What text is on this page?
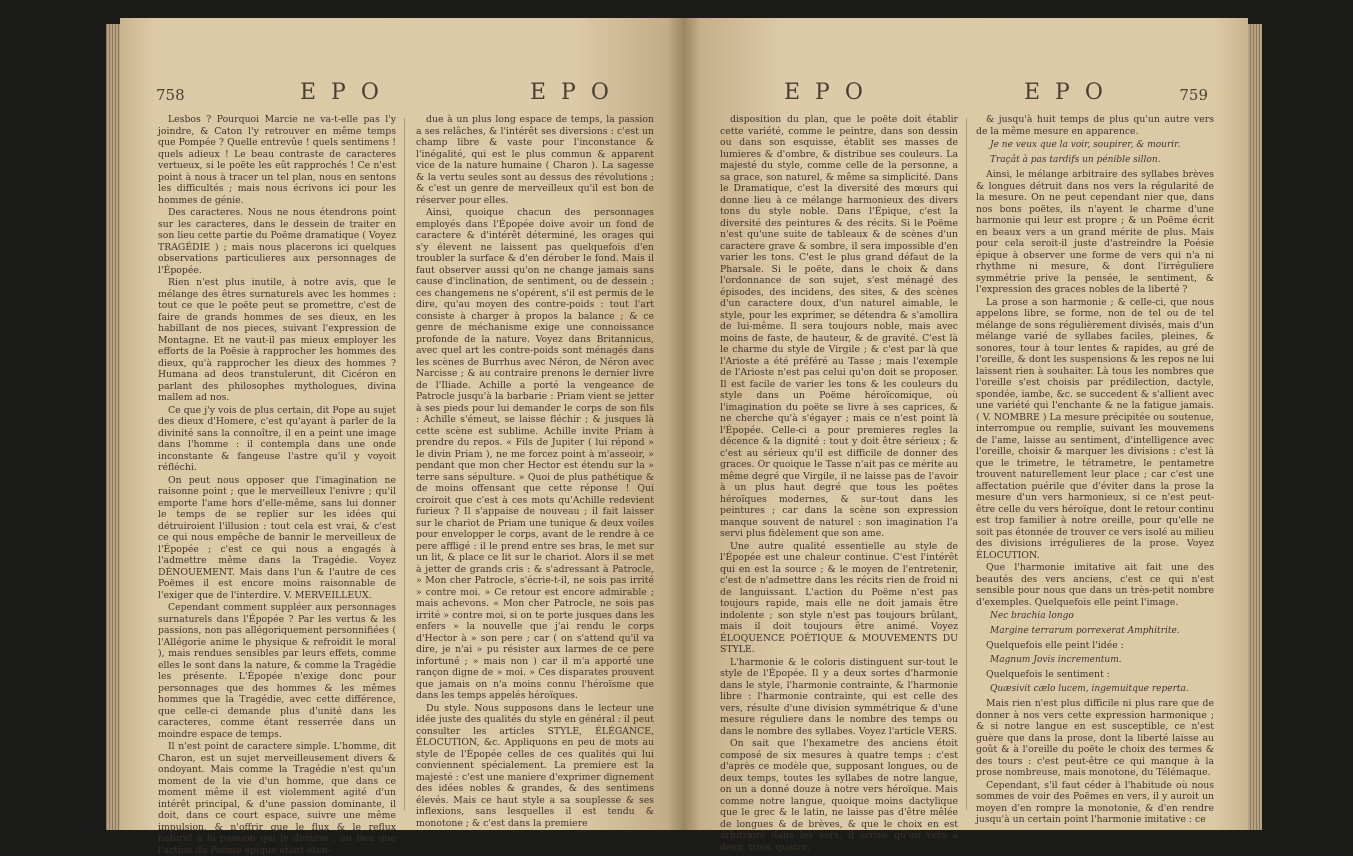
758	E P O	E P O

Lesbos ? Pourquoi Marcie ne va-t-elle pas l'y joindre, & Caton l'y retrouver en même temps que Pompée ? Quelle entrevûe ! quels sentimens ! quels adieux ! Le beau contraste de caracteres vertueux, si le poëte les eût rapprochés ! Ce n'est point à nous à tracer un tel plan, nous en sentons les difficultés ; mais nous écrivons ici pour les hommes de génie.

Des caracteres. Nous ne nous étendrons point sur les caracteres, dans le dessein de traiter en son lieu cette partie du Poëme dramatique ( Voyez TRAGÉDIE ) ; mais nous placerons ici quelques observations particulieres aux personnages de l'Épopée.

Rien n'est plus inutile, à notre avis, que le mélange des êtres surnaturels avec les hommes : tout ce que le poëte peut se promettre, c'est de faire de grands hommes de ses dieux, en les habillant de nos pieces, suivant l'expression de Montagne. Et ne vaut-il pas mieux employer les efforts de la Poësie à rapprocher les hommes des dieux, qu'à rapprocher les dieux des hommes ? Humana ad deos transtulerunt, dit Cicéron en parlant des philosophes mythologues, divina mallem ad nos.

Ce que j'y vois de plus certain, dit Pope au sujet des dieux d'Homere, c'est qu'ayant à parler de la divinité sans la connoître, il en a peint une image dans l'homme : il contempla dans une onde inconstante & fangeuse l'astre qu'il y voyoit réfléchi.

On peut nous opposer que l'imagination ne raisonne point ; que le merveilleux l'enivre ; qu'il emporte l'ame hors d'elle-même, sans lui donner le temps de se replier sur les idées qui détruiroient l'illusion : tout cela est vrai, & c'est ce qui nous empêche de bannir le merveilleux de l'Épopée ; c'est ce qui nous a engagés à l'admettre même dans la Tragédie. Voyez DÉNOUEMENT. Mais dans l'un & l'autre de ces Poëmes il est encore moins raisonnable de l'exiger que de l'interdire. V. MERVEILLEUX.

Cependant comment suppléer aux personnages surnaturels dans l'Épopée ? Par les vertus & les passions, non pas allégoriquement personnifiées ( l'Allégorie anime le physique & refroidit le moral ), mais rendues sensibles par leurs effets, comme elles le sont dans la nature, & comme la Tragédie les présente. L'Épopée n'exige donc pour personnages que des hommes & les mêmes hommes que la Tragédie, avec cette différence, que celle-ci demande plus d'unité dans les caracteres, comme étant resserrée dans un moindre espace de temps.

Il n'est point de caractere simple. L'homme, dit Charon, est un sujet merveilleusement divers & ondoyant. Mais comme la Tragédie n'est qu'un moment de la vie d'un homme, que dans ce moment même il est violemment agité d'un intérêt principal, & d'une passion dominante, il doit, dans ce court espace, suivre une même impulsion, & n'offrir que le flux & le reflux naturel à la passion qui le domine ; au lieu que l'action du Poëme épique étant éten-

due à un plus long espace de temps, la passion a ses relâches, & l'intérêt ses diversions : c'est un champ libre & vaste pour l'inconstance & l'inégalité, qui est le plus commun & apparent vice de la nature humaine ( Charon ). La sagesse & la vertu seules sont au dessus des révolutions ; & c'est un genre de merveilleux qu'il est bon de réserver pour elles.

Ainsi, quoique chacun des personnages employés dans l'Épopée doive avoir un fond de caractere & d'intérêt déterminé, les orages qui s'y élevent ne laissent pas quelquefois d'en troubler la surface & d'en dérober le fond. Mais il faut observer aussi qu'on ne change jamais sans cause d'inclination, de sentiment, ou de dessein ; ces changemens ne s'opérent, s'il est permis de le dire, qu'au moyen des contre-poids : tout l'art consiste à charger à propos la balance ; & ce genre de méchanisme exige une connoissance profonde de la nature. Voyez dans Britannicus, avec quel art les contre-poids sont ménagés dans les scènes de Burrhus avec Néron, de Néron avec Narcisse ; & au contraire prenons le dernier livre de l'Iliade. Achille a porté la vengeance de Patrocle jusqu'à la barbarie : Priam vient se jetter à ses pieds pour lui demander le corps de son fils : Achille s'émeut, se laisse fléchir ; & jusques là cette scène est sublime. Achille invite Priam à prendre du repos. « Fils de Jupiter ( lui répond » le divin Priam ), ne me forcez point à m'asseoir, » pendant que mon cher Hector est étendu sur la » terre sans sépulture. » Quoi de plus pathétique & de moins offensant que cette réponse ! Qui croiroit que c'est à ces mots qu'Achille redevient furieux ? Il s'appaise de nouveau ; il fait laisser sur le chariot de Priam une tunique & deux voiles pour envelopper le corps, avant de le rendre à ce pere affligé : il le prend entre ses bras, le met sur un lit, & place ce lit sur le chariot. Alors il se met à jetter de grands cris : & s'adressant à Patrocle, » Mon cher Patrocle, s'écrie-t-il, ne sois pas irrité » contre moi. » Ce retour est encore admirable ; mais achevons. « Mon cher Patrocle, ne sois pas irrité » contre moi, si on te porte jusques dans les enfers » la nouvelle que j'ai rendu le corps d'Hector à » son pere ; car ( on s'attend qu'il va dire, je n'ai » pu résister aux larmes de ce pere infortuné ; » mais non ) car il m'a apporté une rançon digne de » moi. » Ces disparates prouvent que jamais on n'a moins connu l'héroïsme que dans les temps appelés héroïques.

Du style. Nous supposons dans le lecteur une idée juste des qualités du style en général : il peut consulter les articles STYLE, ÉLÉGANCE, ÉLOCUTION, &c. Appliquons en peu de mots au style de l'Épopée celles de ces qualités qui lui conviennent spécialement. La premiere est la majesté : c'est une maniere d'exprimer dignement des idées nobles & grandes, & des sentimens élevés. Mais ce haut style a sa souplesse & ses inflexions, sans lesquelles il est tendu & monotone ; & c'est dans la premiere

E P O	E P O	759

disposition du plan, que le poëte doit établir cette variété, comme le peintre, dans son dessin ou dans son esquisse, établit ses masses de lumieres & d'ombre, & distribue ses couleurs. La majesté du style, comme celle de la personne, a sa grace, son naturel, & même sa simplicité. Dans le Dramatique, c'est la diversité des mœurs qui donne lieu à ce mélange harmonieux des divers tons du style noble. Dans l'Épique, c'est la diversité des peintures & des récits. Si le Poëme n'est qu'une suite de tableaux & de scènes d'un caractere grave & sombre, il sera impossible d'en varier les tons. C'est le plus grand défaut de la Pharsale. Si le poëte, dans le choix & dans l'ordonnance de son sujet, s'est ménagé des épisodes, des incidens, des sites, & des scènes d'un caractere doux, d'un naturel aimable, le style, pour les exprimer, se détendra & s'amollira de lui-même. Il sera toujours noble, mais avec moins de faste, de hauteur, & de gravité. C'est là le charme du style de Virgile ; & c'est par là que l'Arioste a été préféré au Tasse ; mais l'exemple de l'Arioste n'est pas celui qu'on doit se proposer. Il est facile de varier les tons & les couleurs du style dans un Poëme héroïcomique, où l'imagination du poëte se livre à ses caprices, & ne cherche qu'à s'égayer ; mais ce n'est point là l'Épopée. Celle-ci a pour premieres regles la décence & la dignité : tout y doit être sérieux ; & c'est au sérieux qu'il est difficile de donner des graces. Or quoique le Tasse n'ait pas ce mérite au même degré que Virgile, il ne laisse pas de l'avoir à un plus haut degré que tous les poëtes héroïques modernes, & sur-tout dans les peintures ; car dans la scène son expression manque souvent de naturel : son imagination l'a servi plus fidèlement que son ame.

Une autre qualité essentielle au style de l'Épopée est une chaleur continue. C'est l'intérêt qui en est la source ; & le moyen de l'entretenir, c'est de n'admettre dans les récits rien de froid ni de languissant. L'action du Poëme n'est pas toujours rapide, mais elle ne doit jamais être indolente ; son style n'est pas toujours brûlant, mais il doit toujours être animé. Voyez ÉLOQUENCE POÉTIQUE & MOUVEMENTS DU STYLE.

L'harmonie & le coloris distinguent sur-tout le style de l'Épopée. Il y a deux sortes d'harmonie dans le style, l'harmonie contrainte, & l'harmonie libre : l'harmonie contrainte, qui est celle des vers, résulte d'une division symmétrique & d'une mesure réguliere dans le nombre des temps ou dans le nombre des syllabes. Voyez l'article VERS.

On sait que l'hexametre des anciens étoit composé de six mesures à quatre temps : c'est d'après ce modèle que, supposant longues, ou de deux temps, toutes les syllabes de notre langue, on un a donné douze à notre vers héroïque. Mais comme notre langue, quoique moins dactylique que le grec & le latin, ne laisse pas d'être mêlée de longues & de brèves, & que le choix en est arbitraire dans les vers, il arrive qu'un vers a deux, trois, quatre,

& jusqu'à huit temps de plus qu'un autre vers de la même mesure en apparence.

Je ne veux que la voir, soupirer, & mourir.

Traçât à pas tardifs un pénible sillon.

Ainsi, le mélange arbitraire des syllabes brèves & longues détruit dans nos vers la régularité de la mesure. On ne peut cependant nier que, dans nos bons poëtes, ils n'ayent le charme d'une harmonie qui leur est propre ; & un Poëme écrit en beaux vers a un grand mérite de plus. Mais pour cela seroit-il juste d'astreindre la Poésie épique à observer une forme de vers qui n'a ni rhythme ni mesure, & dont l'irréguliere symmétrie prive la pensée, le sentiment, & l'expression des graces nobles de la liberté ?

La prose a son harmonie ; & celle-ci, que nous appelons libre, se forme, non de tel ou de tel mélange de sons régulièrement divisés, mais d'un mélange varié de syllabes faciles, pleines, & sonores, tour à tour lentes & rapides, au gré de l'oreille, & dont les suspensions & les repos ne lui laissent rien à souhaiter. Là tous les nombres que l'oreille s'est choisis par prédilection, dactyle, spondée, iambe, &c. se succedent & s'allient avec une variété qui l'enchante & ne la fatigue jamais. ( V. NOMBRE ) La mesure précipitée ou soutenue, interrompue ou remplie, suivant les mouvemens de l'ame, laisse au sentiment, d'intelligence avec l'oreille, choisir & marquer les divisions : c'est là que le trimetre, le tétrametre, le pentametre trouvent naturellement leur place ; car c'est une affectation puérile que d'éviter dans la prose la mesure d'un vers harmonieux, si ce n'est peut-être celle du vers héroïque, dont le retour continu est trop familier à notre oreille, pour qu'elle ne soit pas étonnée de trouver ce vers isolé au milieu des divisions irrégulieres de la prose. Voyez ÉLOCUTION.

Que l'harmonie imitative ait fait une des beautés des vers anciens, c'est ce qui n'est sensible pour nous que dans un très-petit nombre d'exemples. Quelquefois elle peint l'image.

Nec brachia longo

Margine terrarum porrexerat Amphitrite.

Quelquefois elle peint l'idée :

Magnum Jovis incrementum.

Quelquefois le sentiment :

Quæsivit cælo lucem, ingemuitque reperta.

Mais rien n'est plus difficile ni plus rare que de donner à nos vers cette expression harmonique ; & si notre langue en est susceptible, ce n'est guère que dans la prose, dont la liberté laisse au goût & à l'oreille du poëte le choix des termes & des tours : c'est peut-être ce qui manque à la prose nombreuse, mais monotone, du Télémaque.

Cependant, s'il faut céder à l'habitude où nous sommes de voir des Poëmes en vers, il y auroit un moyen d'en rompre la monotonie, & d'en rendre jusqu'à un certain point l'harmonie imitative : ce
